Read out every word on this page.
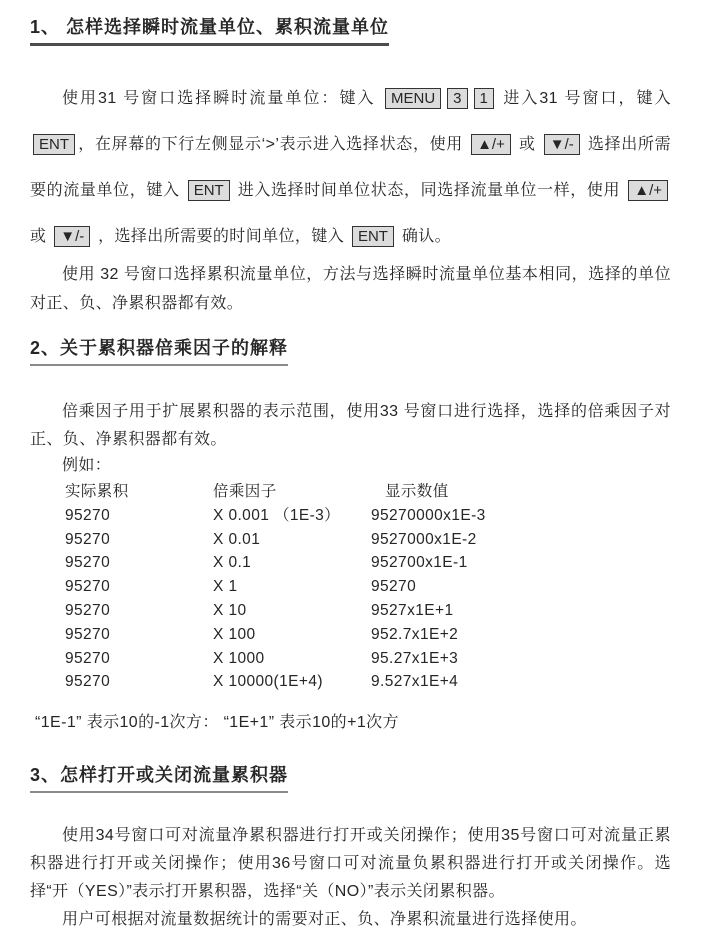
1、 怎样选择瞬时流量单位、累积流量单位
使用31 号窗口选择瞬时流量单位：键入 MENU 3 1 进入31 号窗口，键入 ENT ，在屏幕的下行左侧显示‘>’表示进入选择状态，使用 ▲/+ 或 ▼/- 选择出所需要的流量单位，键入 ENT 进入选择时间单位状态，同选择流量单位一样，使用 ▲/+ 或 ▼/- ，选择出所需要的时间单位，键入 ENT 确认。
使用 32 号窗口选择累积流量单位，方法与选择瞬时流量单位基本相同，选择的单位对正、负、净累积器都有效。
2、关于累积器倍乘因子的解释
倍乘因子用于扩展累积器的表示范围，使用33 号窗口进行选择，选择的倍乘因子对正、负、净累积器都有效。
例如：
实际累积	倍乘因子	显示数值
95270	X 0.001 （1E-3）	95270000x1E-3
95270	X 0.01	9527000x1E-2
95270	X 0.1	952700x1E-1
95270	X 1	95270
95270	X 10	9527x1E+1
95270	X 100	952.7x1E+2
95270	X 1000	95.27x1E+3
95270	X 10000(1E+4)	9.527x1E+4
“1E-1” 表示10的-1次方： “1E+1” 表示10的+1次方
3、怎样打开或关闭流量累积器
使用34号窗口可对流量净累积器进行打开或关闭操作；使用35号窗口可对流量正累积器进行打开或关闭操作；使用36号窗口可对流量负累积器进行打开或关闭操作。选择“开（YES）”表示打开累积器，选择“关（NO）”表示关闭累积器。
用户可根据对流量数据统计的需要对正、负、净累积流量进行选择使用。
